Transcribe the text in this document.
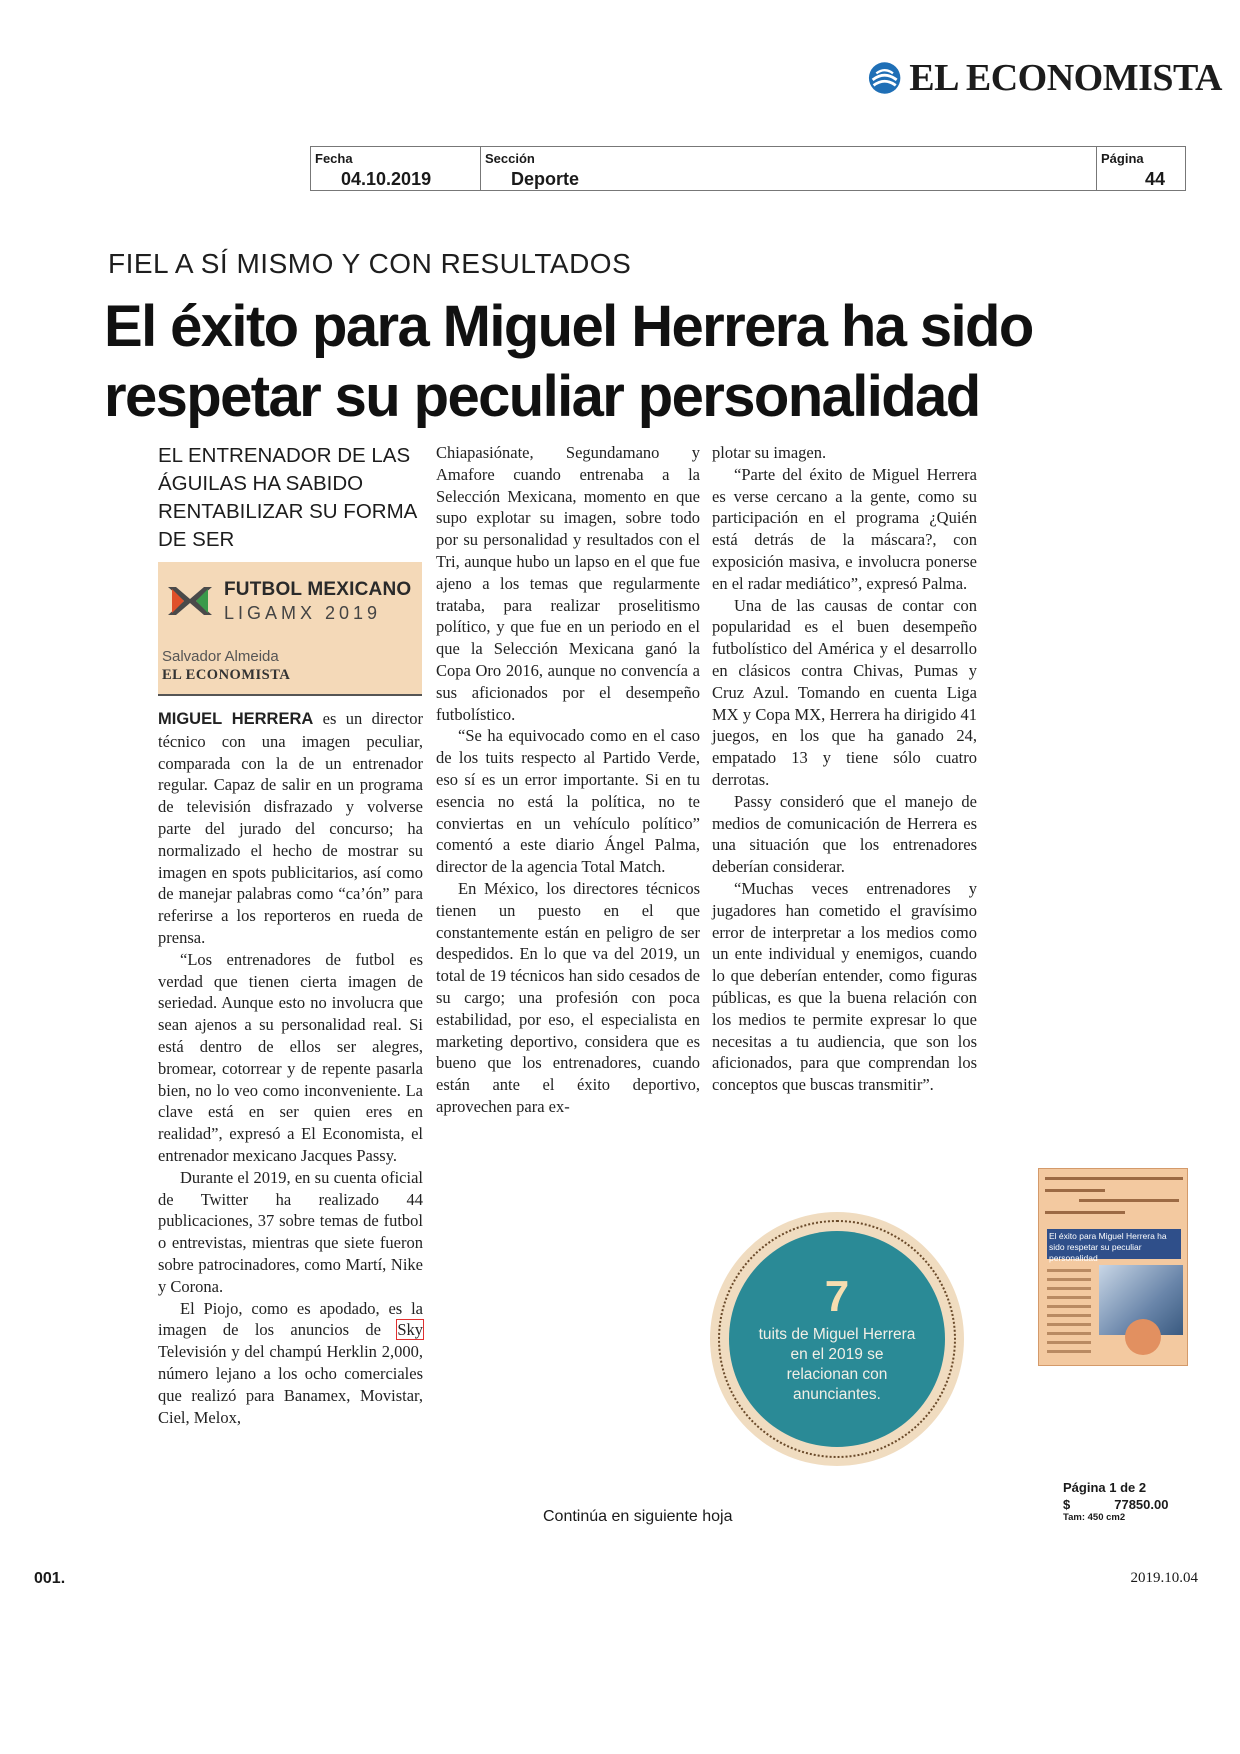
EL ECONOMISTA
Fecha
04.10.2019
Sección
Deporte
Página
44
FIEL A SÍ MISMO Y CON RESULTADOS
El éxito para Miguel Herrera ha sido
respetar su peculiar personalidad
EL ENTRENADOR DE LAS ÁGUILAS HA SABIDO RENTABILIZAR SU FORMA DE SER
FUTBOL MEXICANO
LIGAMX 2019
Salvador Almeida
EL ECONOMISTA

MIGUEL HERRERA es un director técnico con una imagen peculiar, comparada con la de un entrenador regular. Capaz de salir en un programa de televisión disfrazado y volverse parte del jurado del concurso; ha normalizado el hecho de mostrar su imagen en spots publicitarios, así como de manejar palabras como “ca’ón” para referirse a los reporteros en rueda de prensa.

“Los entrenadores de futbol es verdad que tienen cierta imagen de seriedad. Aunque esto no involucra que sean ajenos a su personalidad real. Si está dentro de ellos ser alegres, bromear, cotorrear y de repente pasarla bien, no lo veo como inconveniente. La clave está en ser quien eres en realidad”, expresó a El Economista, el entrenador mexicano Jacques Passy.

Durante el 2019, en su cuenta oficial de Twitter ha realizado 44 publicaciones, 37 sobre temas de futbol o entrevistas, mientras que siete fueron sobre patrocinadores, como Martí, Nike y Corona.

El Piojo, como es apodado, es la imagen de los anuncios de Sky Televisión y del champú Herklin 2,000, número lejano a los ocho comerciales que realizó para Banamex, Movistar, Ciel, Melox,

Chiapasiónate, Segundamano y Amafore cuando entrenaba a la Selección Mexicana, momento en que supo explotar su imagen, sobre todo por su personalidad y resultados con el Tri, aunque hubo un lapso en el que fue ajeno a los temas que regularmente trataba, para realizar proselitismo político, y que fue en un periodo en el que la Selección Mexicana ganó la Copa Oro 2016, aunque no convencía a sus aficionados por el desempeño futbolístico.

“Se ha equivocado como en el caso de los tuits respecto al Partido Verde, eso sí es un error importante. Si en tu esencia no está la política, no te conviertas en un vehículo político” comentó a este diario Ángel Palma, director de la agencia Total Match.

En México, los directores técnicos tienen un puesto en el que constantemente están en peligro de ser despedidos. En lo que va del 2019, un total de 19 técnicos han sido cesados de su cargo; una profesión con poca estabilidad, por eso, el especialista en marketing deportivo, considera que es bueno que los entrenadores, cuando están ante el éxito deportivo, aprovechen para ex-

plotar su imagen.

“Parte del éxito de Miguel Herrera es verse cercano a la gente, como su participación en el programa ¿Quién está detrás de la máscara?, con exposición masiva, e involucra ponerse en el radar mediático”, expresó Palma.

Una de las causas de contar con popularidad es el buen desempeño futbolístico del América y el desarrollo en clásicos contra Chivas, Pumas y Cruz Azul. Tomando en cuenta Liga MX y Copa MX, Herrera ha dirigido 41 juegos, en los que ha ganado 24, empatado 13 y tiene sólo cuatro derrotas.

Passy consideró que el manejo de medios de comunicación de Herrera es una situación que los entrenadores deberían considerar.

“Muchas veces entrenadores y jugadores han cometido el gravísimo error de interpretar a los medios como un ente individual y enemigos, cuando lo que deberían entender, como figuras públicas, es que la buena relación con los medios te permite expresar lo que necesitas a tu audiencia, que son los aficionados, para que comprendan los conceptos que buscas transmitir”.

7
tuits de Miguel Herrera en el 2019 se relacionan con anunciantes.
El éxito para Miguel Herrera ha sido respetar su peculiar personalidad
Página 1 de 2
$	77850.00
Tam: 450 cm2
Continúa en siguiente hoja
001.	2019.10.04
